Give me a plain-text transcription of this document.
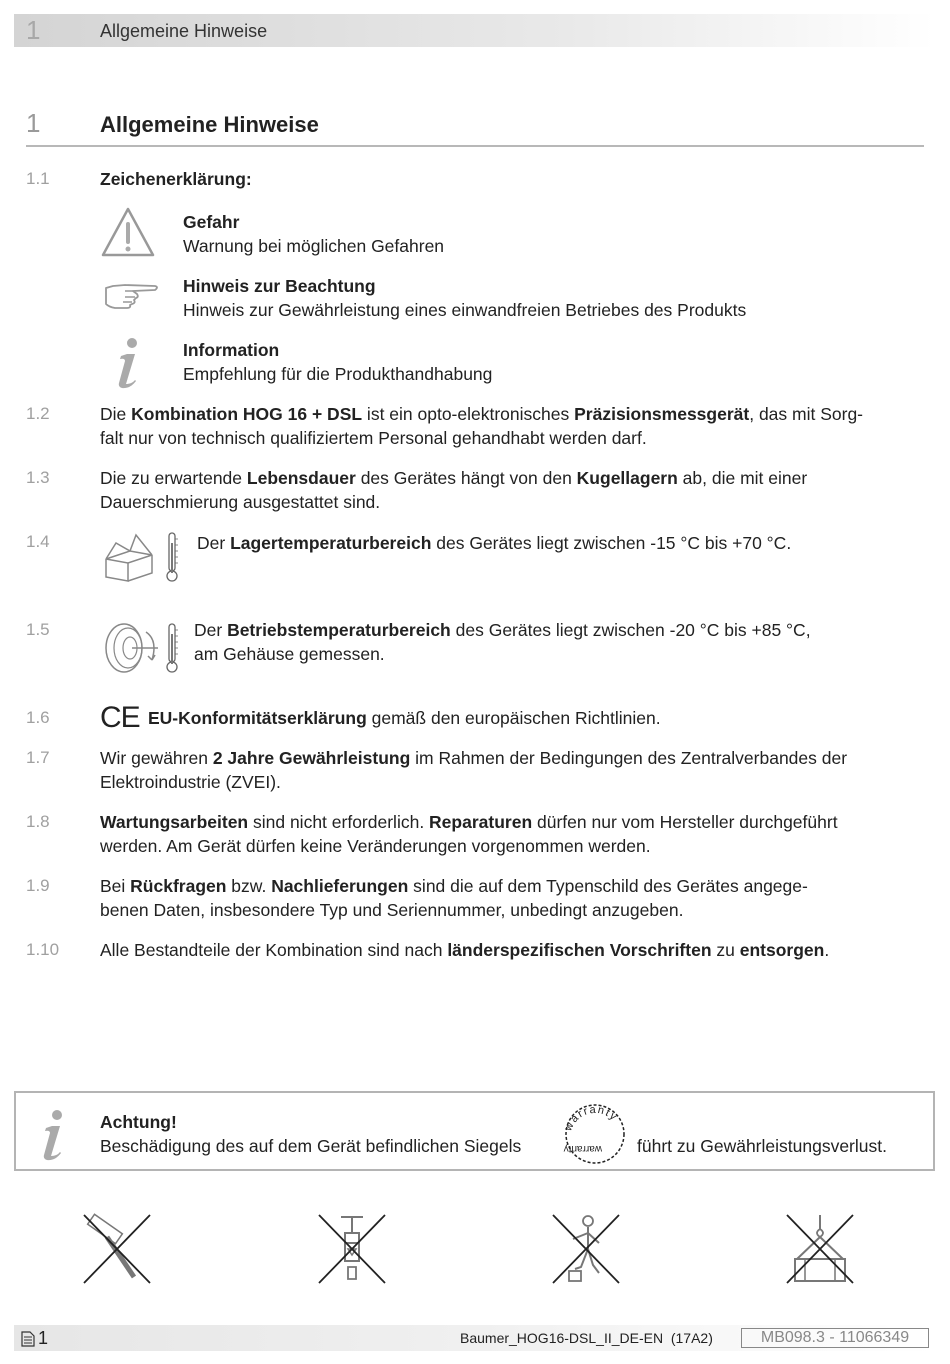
1	Allgemeine Hinweise
1	Allgemeine Hinweise
1.1	Zeichenerklärung:
Gefahr
Warnung bei möglichen Gefahren
Hinweis zur Beachtung
Hinweis zur Gewährleistung eines einwandfreien Betriebes des Produkts
Information
Empfehlung für die Produkthandhabung
1.2	Die Kombination HOG 16 + DSL ist ein opto-elektronisches Präzisionsmessgerät, das mit Sorg-
falt nur von technisch qualifiziertem Personal gehandhabt werden darf.
1.3	Die zu erwartende Lebensdauer des Gerätes hängt von den Kugellagern ab, die mit einer
Dauerschmierung ausgestattet sind.
1.4	Der Lagertemperaturbereich des Gerätes liegt zwischen -15 °C bis +70 °C.
1.5	Der Betriebstemperaturbereich des Gerätes liegt zwischen -20 °C bis +85 °C,
am Gehäuse gemessen.
1.6 CE EU-Konformitätserklärung gemäß den europäischen Richtlinien.
1.7	Wir gewähren 2 Jahre Gewährleistung im Rahmen der Bedingungen des Zentralverbandes der
Elektroindustrie (ZVEI).
1.8	Wartungsarbeiten sind nicht erforderlich. Reparaturen dürfen nur vom Hersteller durchgeführt
werden. Am Gerät dürfen keine Veränderungen vorgenommen werden.
1.9	Bei Rückfragen bzw. Nachlieferungen sind die auf dem Typenschild des Gerätes angege-
benen Daten, insbesondere Typ und Seriennummer, unbedingt anzugeben.
1.10 Alle Bestandteile der Kombination sind nach länderspezifischen Vorschriften zu entsorgen.
Achtung!
Beschädigung des auf dem Gerät befindlichen Siegels
warranty
warranty führt zu Gewährleistungsverlust.
1	Baumer_HOG16-DSL_II_DE-EN  (17A2)	MB098.3 - 11066349
